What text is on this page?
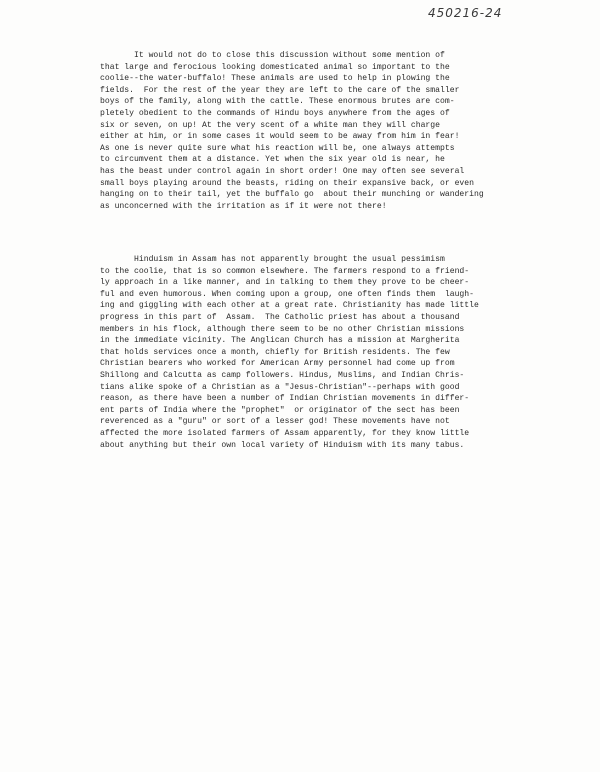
450216-24

It would not do to close this discussion without some mention of
that large and ferocious looking domesticated animal so important to the
coolie--the water-buffalo! These animals are used to help in plowing the
fields.  For the rest of the year they are left to the care of the smaller
boys of the family, along with the cattle. These enormous brutes are com-
pletely obedient to the commands of Hindu boys anywhere from the ages of
six or seven, on up! At the very scent of a white man they will charge
either at him, or in some cases it would seem to be away from him in fear!
As one is never quite sure what his reaction will be, one always attempts
to circumvent them at a distance. Yet when the six year old is near, he
has the beast under control again in short order! One may often see several
small boys playing around the beasts, riding on their expansive back, or even
hanging on to their tail, yet the buffalo go  about their munching or wandering
as unconcerned with the irritation as if it were not there!

Hinduism in Assam has not apparently brought the usual pessimism
to the coolie, that is so common elsewhere. The farmers respond to a friend-
ly approach in a like manner, and in talking to them they prove to be cheer-
ful and even humorous. When coming upon a group, one often finds them  laugh-
ing and giggling with each other at a great rate. Christianity has made little
progress in this part of  Assam.  The Catholic priest has about a thousand
members in his flock, although there seem to be no other Christian missions
in the immediate vicinity. The Anglican Church has a mission at Margherita
that holds services once a month, chiefly for British residents. The few
Christian bearers who worked for American Army personnel had come up from
Shillong and Calcutta as camp followers. Hindus, Muslims, and Indian Chris-
tians alike spoke of a Christian as a "Jesus-Christian"--perhaps with good
reason, as there have been a number of Indian Christian movements in differ-
ent parts of India where the "prophet"  or originator of the sect has been
reverenced as a "guru" or sort of a lesser god! These movements have not
affected the more isolated farmers of Assam apparently, for they know little
about anything but their own local variety of Hinduism with its many tabus.
